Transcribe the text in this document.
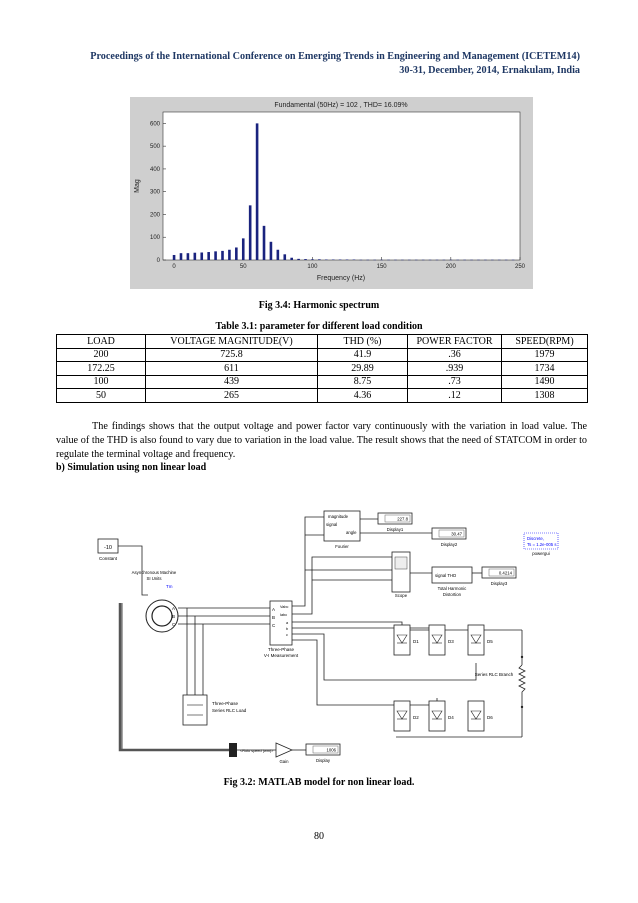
Proceedings of the International Conference on Emerging Trends in Engineering and Management (ICETEM14)
30-31, December, 2014, Ernakulam, India
Fundamental (50Hz) = 102 , THD= 16.09%
Frequency (Hz)
Mag
0
100
200
300
400
500
600
0	50	100	150	200	250
Fig 3.4: Harmonic spectrum
Table 3.1: parameter for different load condition
LOAD	VOLTAGE MAGNITUDE(V)	THD (%)	POWER FACTOR	SPEED(RPM)
200	725.8	41.9	.36	1979
172.25	611	29.89	.939	1734
100	439	8.75	.73	1490
50	265	4.36	.12	1308

The findings shows that the output voltage and power factor vary continuously with the variation in load value. The value of the THD is also found to vary due to variation in the load value. The result shows that the need of STATCOM in order to regulate the terminal voltage and frequency.

b) Simulation using non linear load
-10
Constant
Asynchronous Machine
SI Units
Tm
A
B
C
A
B
C
Vabc
Iabc
a
b
c
Three-Phase
V-I Measurement
magnitude
signal
angle
Fourier
227.8
Display1
30.47
Display2
0.4214
Display3
signal THD
Total Harmonic
Distortion
Scope
Discrete,
Ts = 1.2e-005 s
powergui
D1	D3	D5
D2	D4	D6
Series RLC Branch
Three-Phase
Series RLC Load
<Roto speed (wm)>
Gain
1006
Display
Fig 3.2: MATLAB model for non linear load.
80
